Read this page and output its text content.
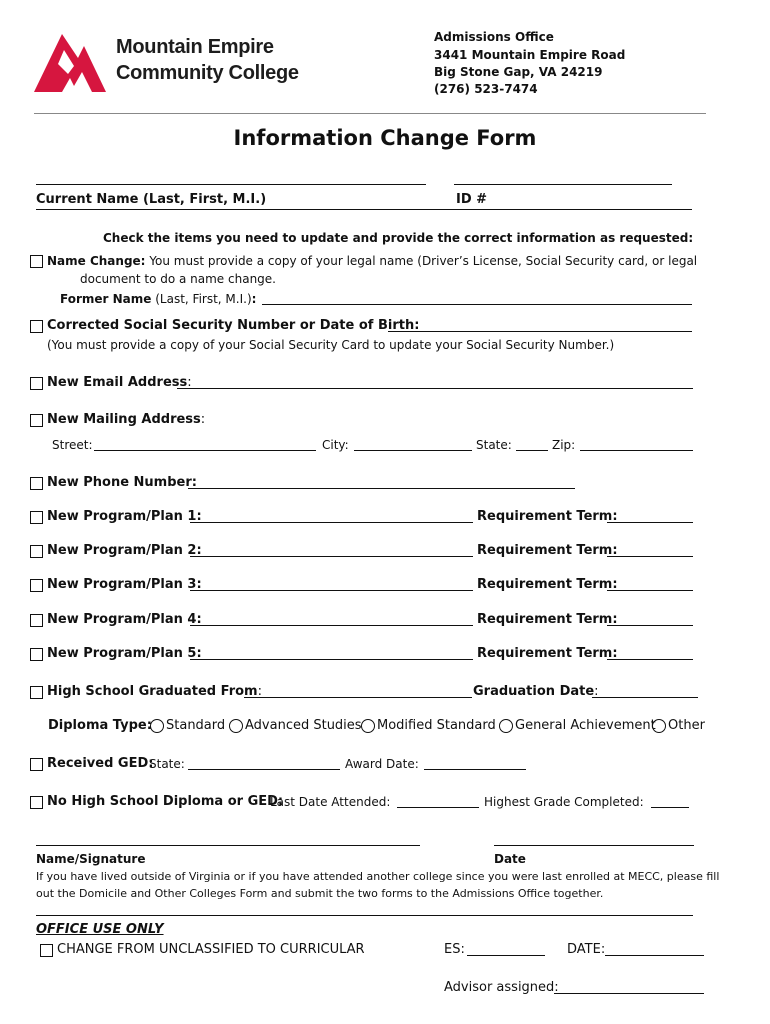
Mountain Empire
Community College
Admissions Office
3441 Mountain Empire Road
Big Stone Gap, VA 24219
(276) 523-7474
Information Change Form
Current Name (Last, First, M.I.)	ID #
Check the items you need to update and provide the correct information as requested:
Name Change: You must provide a copy of your legal name (Driver’s License, Social Security card, or legal
document to do a name change.
Former Name (Last, First, M.I.):
Corrected Social Security Number or Date of Birth:
(You must provide a copy of your Social Security Card to update your Social Security Number.)
New Email Address:
New Mailing Address:
Street:	City:	State:	Zip:
New Phone Number:
New Program/Plan 1:	Requirement Term:
New Program/Plan 2:	Requirement Term:
New Program/Plan 3:	Requirement Term:
New Program/Plan 4:	Requirement Term:
New Program/Plan 5:	Requirement Term:
High School Graduated From:	Graduation Date:
Diploma Type: Standard Advanced Studies Modified Standard General Achievement Other
Received GED:
State:	Award Date:
No High School Diploma or GED:
Last Date Attended:	Highest Grade Completed:
Name/Signature	Date
If you have lived outside of Virginia or if you have attended another college since you were last enrolled at MECC, please fill
out the Domicile and Other Colleges Form and submit the two forms to the Admissions Office together.
OFFICE USE ONLY
CHANGE FROM UNCLASSIFIED TO CURRICULAR	ES:	DATE:
Advisor assigned:
